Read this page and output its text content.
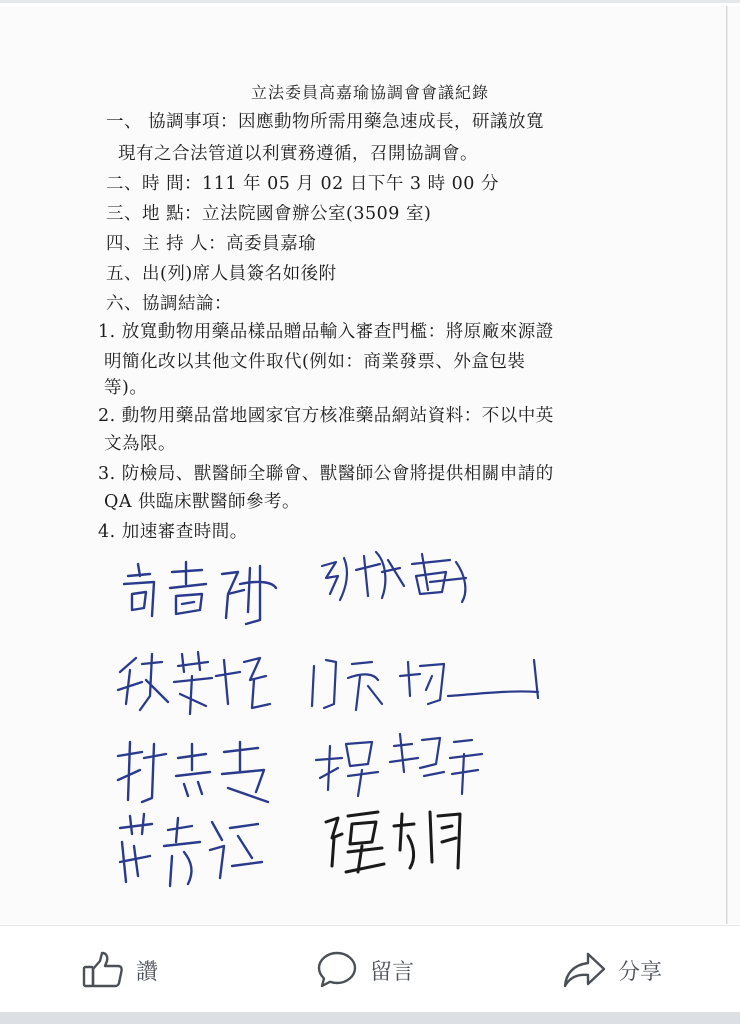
立法委員高嘉瑜協調會會議紀錄
一、 協調事項：因應動物所需用藥急速成長，研議放寬
現有之合法管道以利實務遵循，召開協調會。
二、時 間：111 年 05 月 02 日下午 3 時 00 分
三、地 點：立法院國會辦公室(3509 室)
四、主 持 人：高委員嘉瑜
五、出(列)席人員簽名如後附
六、協調結論：
1. 放寬動物用藥品樣品贈品輸入審查門檻：將原廠來源證
明簡化改以其他文件取代(例如：商業發票、外盒包裝
等)。
2. 動物用藥品當地國家官方核准藥品網站資料：不以中英
文為限。
3. 防檢局、獸醫師全聯會、獸醫師公會將提供相關申請的
QA 供臨床獸醫師參考。
4. 加速審查時間。
讚	留言	分享
